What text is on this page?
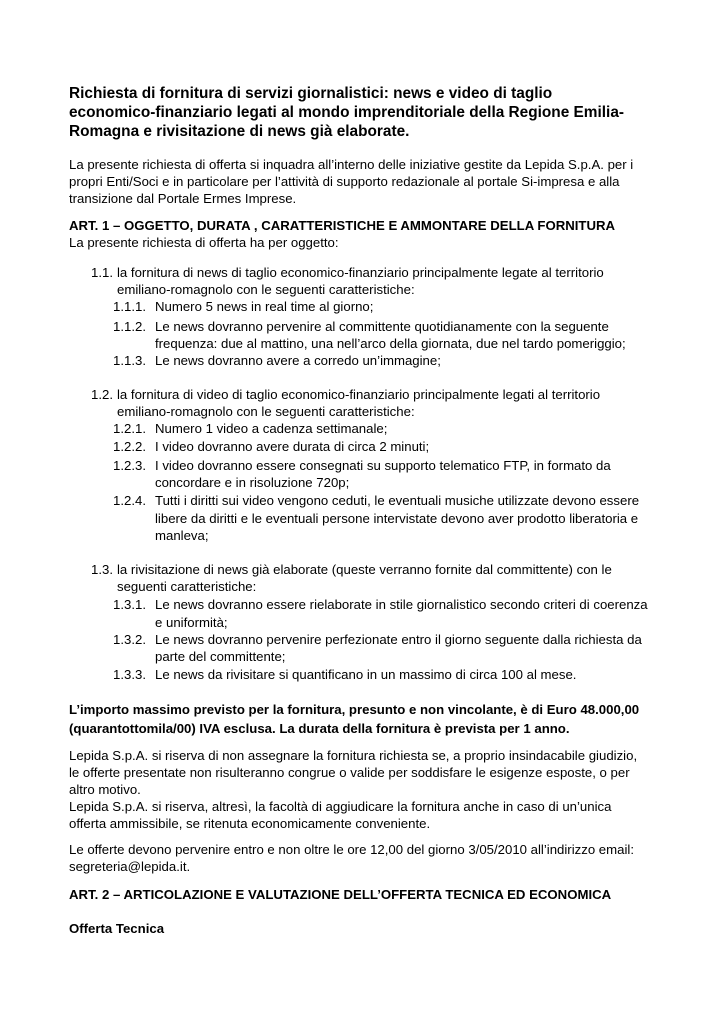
Richiesta di fornitura di servizi giornalistici: news e video di taglio
economico-finanziario legati al mondo imprenditoriale della Regione Emilia-
Romagna e rivisitazione di news già elaborate.
La presente richiesta di offerta si inquadra all’interno delle iniziative gestite da Lepida S.p.A. per i
propri Enti/Soci e in particolare per l’attività di supporto redazionale al portale Si-impresa e alla
transizione dal Portale Ermes Imprese.
ART. 1 – OGGETTO, DURATA , CARATTERISTICHE E AMMONTARE DELLA FORNITURA
La presente richiesta di offerta ha per oggetto:
1.1. la fornitura di news di taglio economico-finanziario principalmente legate al territorio
emiliano-romagnolo con le seguenti caratteristiche:
1.1.1. Numero 5 news in real time al giorno;
1.1.2. Le news dovranno pervenire al committente quotidianamente con la seguente
frequenza: due al mattino, una nell’arco della giornata, due nel tardo pomeriggio;
1.1.3. Le news dovranno avere a corredo un’immagine;
1.2. la fornitura di video di taglio economico-finanziario principalmente legati al territorio
emiliano-romagnolo con le seguenti caratteristiche:
1.2.1. Numero 1 video a cadenza settimanale;
1.2.2. I video dovranno avere durata di circa 2 minuti;
1.2.3. I video dovranno essere consegnati su supporto telematico FTP, in formato da
concordare e in risoluzione 720p;
1.2.4. Tutti i diritti sui video vengono ceduti, le eventuali musiche utilizzate devono essere
libere da diritti e le eventuali persone intervistate devono aver prodotto liberatoria e
manleva;
1.3. la rivisitazione di news già elaborate (queste verranno fornite dal committente) con le
seguenti caratteristiche:
1.3.1. Le news dovranno essere rielaborate in stile giornalistico secondo criteri di coerenza
e uniformità;
1.3.2. Le news dovranno pervenire perfezionate entro il giorno seguente dalla richiesta da
parte del committente;
1.3.3. Le news da rivisitare si quantificano in un massimo di circa 100 al mese.
L’importo massimo previsto per la fornitura, presunto e non vincolante, è di Euro 48.000,00
(quarantottomila/00) IVA esclusa. La durata della fornitura è prevista per 1 anno.
Lepida S.p.A. si riserva di non assegnare la fornitura richiesta se, a proprio insindacabile giudizio,
le offerte presentate non risulteranno congrue o valide per soddisfare le esigenze esposte, o per
altro motivo.
Lepida S.p.A. si riserva, altresì, la facoltà di aggiudicare la fornitura anche in caso di un’unica
offerta ammissibile, se ritenuta economicamente conveniente.
Le offerte devono pervenire entro e non oltre le ore 12,00 del giorno 3/05/2010 all’indirizzo email:
segreteria@lepida.it.
ART. 2 – ARTICOLAZIONE E VALUTAZIONE DELL’OFFERTA TECNICA ED ECONOMICA
Offerta Tecnica
